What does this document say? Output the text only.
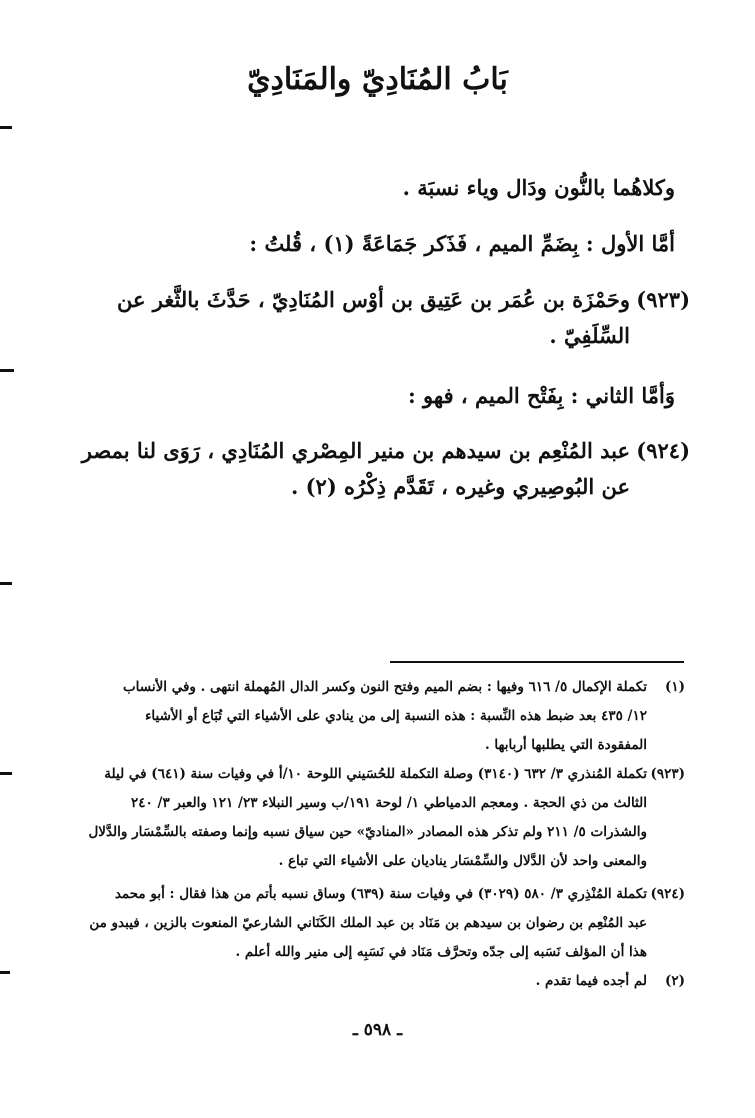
بَابُ المُنَادِيّ والمَنَادِيّ
وكلاهُما بالنُّون ودَال وياء نسبَة .
أمَّا الأول : بِضَمِّ الميم ، فَذَكر جَمَاعَةً (١) ، قُلتُ :
(٩٢٣)
وحَمْزَة بن عُمَر بن عَتِيق بن أوْس المُنَادِيّ ، حَدَّثَ بالثَّغر عن
السِّلَفِيّ .
وَأمَّا الثاني : بِفَتْح الميم ، فهو :
(٩٢٤)
عبد المُنْعِم بن سيدهم بن منير المِصْري المُنَادِي ، رَوَى لنا بمصر
عن البُوصِيري وغيره ، تَقَدَّم ذِكْرُه (٢) .
(١)
تكملة الإكمال ٥/ ٦١٦ وفيها : بضم الميم وفتح النون وكسر الدال المُهملة انتهى . وفي الأنساب
١٢/ ٤٣٥ بعد ضبط هذه النِّسبة : هذه النسبة إلى من ينادي على الأشياء التي تُبَاع أو الأشياء
المفقودة التي يطلبها أربابها .
(٩٢٣)
تكملة المُنذري ٣/ ٦٣٢ (٣١٤٠) وصلة التكملة للحُسَيني اللوحة ١٠/أ في وفيات سنة (٦٤١) في ليلة
الثالث من ذي الحجة . ومعجم الدمياطي ١/ لوحة ١٩١/ب وسير النبلاء ٢٣/ ١٢١ والعبر ٣/ ٢٤٠
والشذرات ٥/ ٢١١ ولم تذكر هذه المصادر «المناديّ» حين سياق نسبه وإنما وصفته بالسِّمْسَار والدَّلال
والمعنى واحد لأن الدَّلال والسِّمْسَار يناديان على الأشياء التي تباع .
(٩٢٤)
تكملة المُنْذِري ٣/ ٥٨٠ (٣٠٢٩) في وفيات سنة (٦٣٩) وساق نسبه بأتم من هذا فقال : أبو محمد
عبد المُنْعِم بن رضوان بن سيدهم بن مَنَاد بن عبد الملك الكَنَاني الشارعيّ المنعوت بالزين ، فيبدو من
هذا أن المؤلف نَسَبه إلى جدّه وتحرَّف مَنَاد في نَسَبِه إلى منير والله أعلم .
(٢)
لم أجده فيما تقدم .
ـ ٥٩٨ ـ
